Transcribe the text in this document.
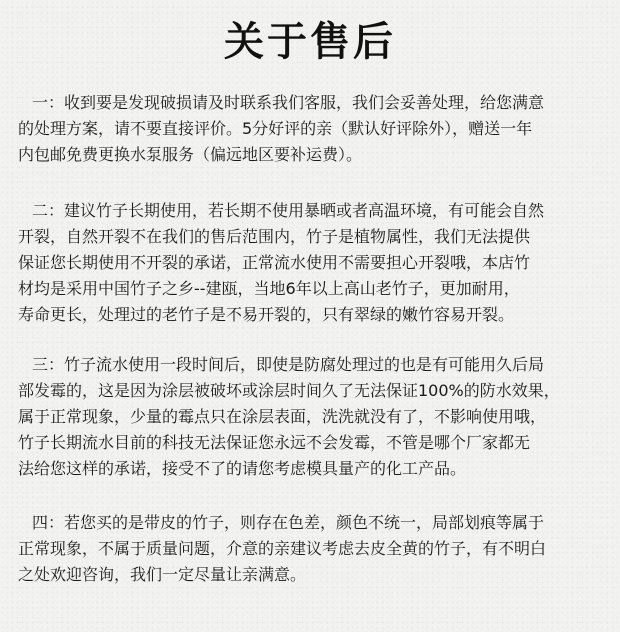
关于售后
一：收到要是发现破损请及时联系我们客服，我们会妥善处理，给您满意
的处理方案，请不要直接评价。5分好评的亲（默认好评除外），赠送一年
内包邮免费更换水泵服务（偏远地区要补运费）。
二：建议竹子长期使用，若长期不使用暴晒或者高温环境，有可能会自然
开裂，自然开裂不在我们的售后范围内，竹子是植物属性，我们无法提供
保证您长期使用不开裂的承诺，正常流水使用不需要担心开裂哦，本店竹
材均是采用中国竹子之乡--建瓯，当地6年以上高山老竹子，更加耐用，
寿命更长，处理过的老竹子是不易开裂的，只有翠绿的嫩竹容易开裂。
三：竹子流水使用一段时间后，即使是防腐处理过的也是有可能用久后局
部发霉的，这是因为涂层被破坏或涂层时间久了无法保证100%的防水效果，
属于正常现象，少量的霉点只在涂层表面，洗洗就没有了，不影响使用哦，
竹子长期流水目前的科技无法保证您永远不会发霉，不管是哪个厂家都无
法给您这样的承诺，接受不了的请您考虑模具量产的化工产品。
四：若您买的是带皮的竹子，则存在色差，颜色不统一，局部划痕等属于
正常现象，不属于质量问题，介意的亲建议考虑去皮全黄的竹子，有不明白
之处欢迎咨询，我们一定尽量让亲满意。
